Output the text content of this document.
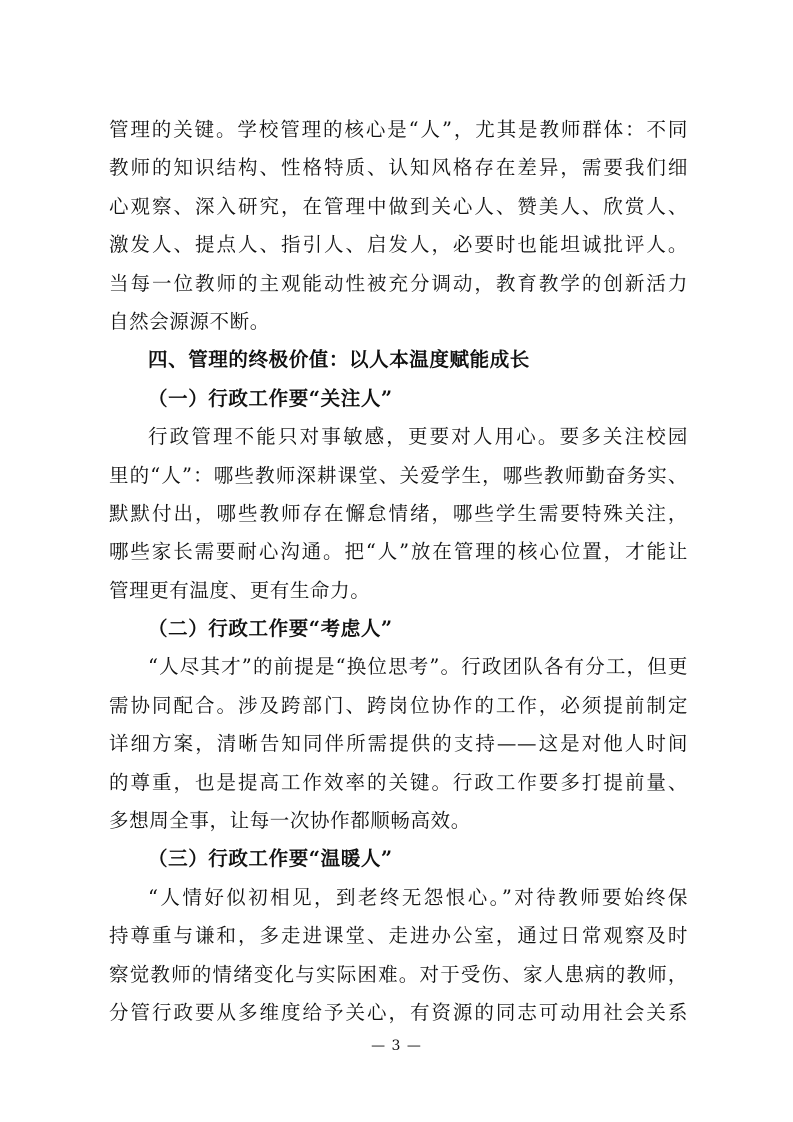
管理的关键。学校管理的核心是“人”，尤其是教师群体：不同
教师的知识结构、性格特质、认知风格存在差异，需要我们细
心观察、深入研究，在管理中做到关心人、赞美人、欣赏人、
激发人、提点人、指引人、启发人，必要时也能坦诚批评人。
当每一位教师的主观能动性被充分调动，教育教学的创新活力
自然会源源不断。
四、管理的终极价值：以人本温度赋能成长
（一）行政工作要“关注人”
行政管理不能只对事敏感，更要对人用心。要多关注校园
里的“人”：哪些教师深耕课堂、关爱学生，哪些教师勤奋务实、
默默付出，哪些教师存在懈怠情绪，哪些学生需要特殊关注，
哪些家长需要耐心沟通。把“人”放在管理的核心位置，才能让
管理更有温度、更有生命力。
（二）行政工作要“考虑人”
“人尽其才”的前提是“换位思考”。行政团队各有分工，但更
需协同配合。涉及跨部门、跨岗位协作的工作，必须提前制定
详细方案，清晰告知同伴所需提供的支持——这是对他人时间
的尊重，也是提高工作效率的关键。行政工作要多打提前量、
多想周全事，让每一次协作都顺畅高效。
（三）行政工作要“温暖人”
“人情好似初相见，到老终无怨恨心。”对待教师要始终保
持尊重与谦和，多走进课堂、走进办公室，通过日常观察及时
察觉教师的情绪变化与实际困难。对于受伤、家人患病的教师，
分管行政要从多维度给予关心，有资源的同志可动用社会关系
— 3 —
